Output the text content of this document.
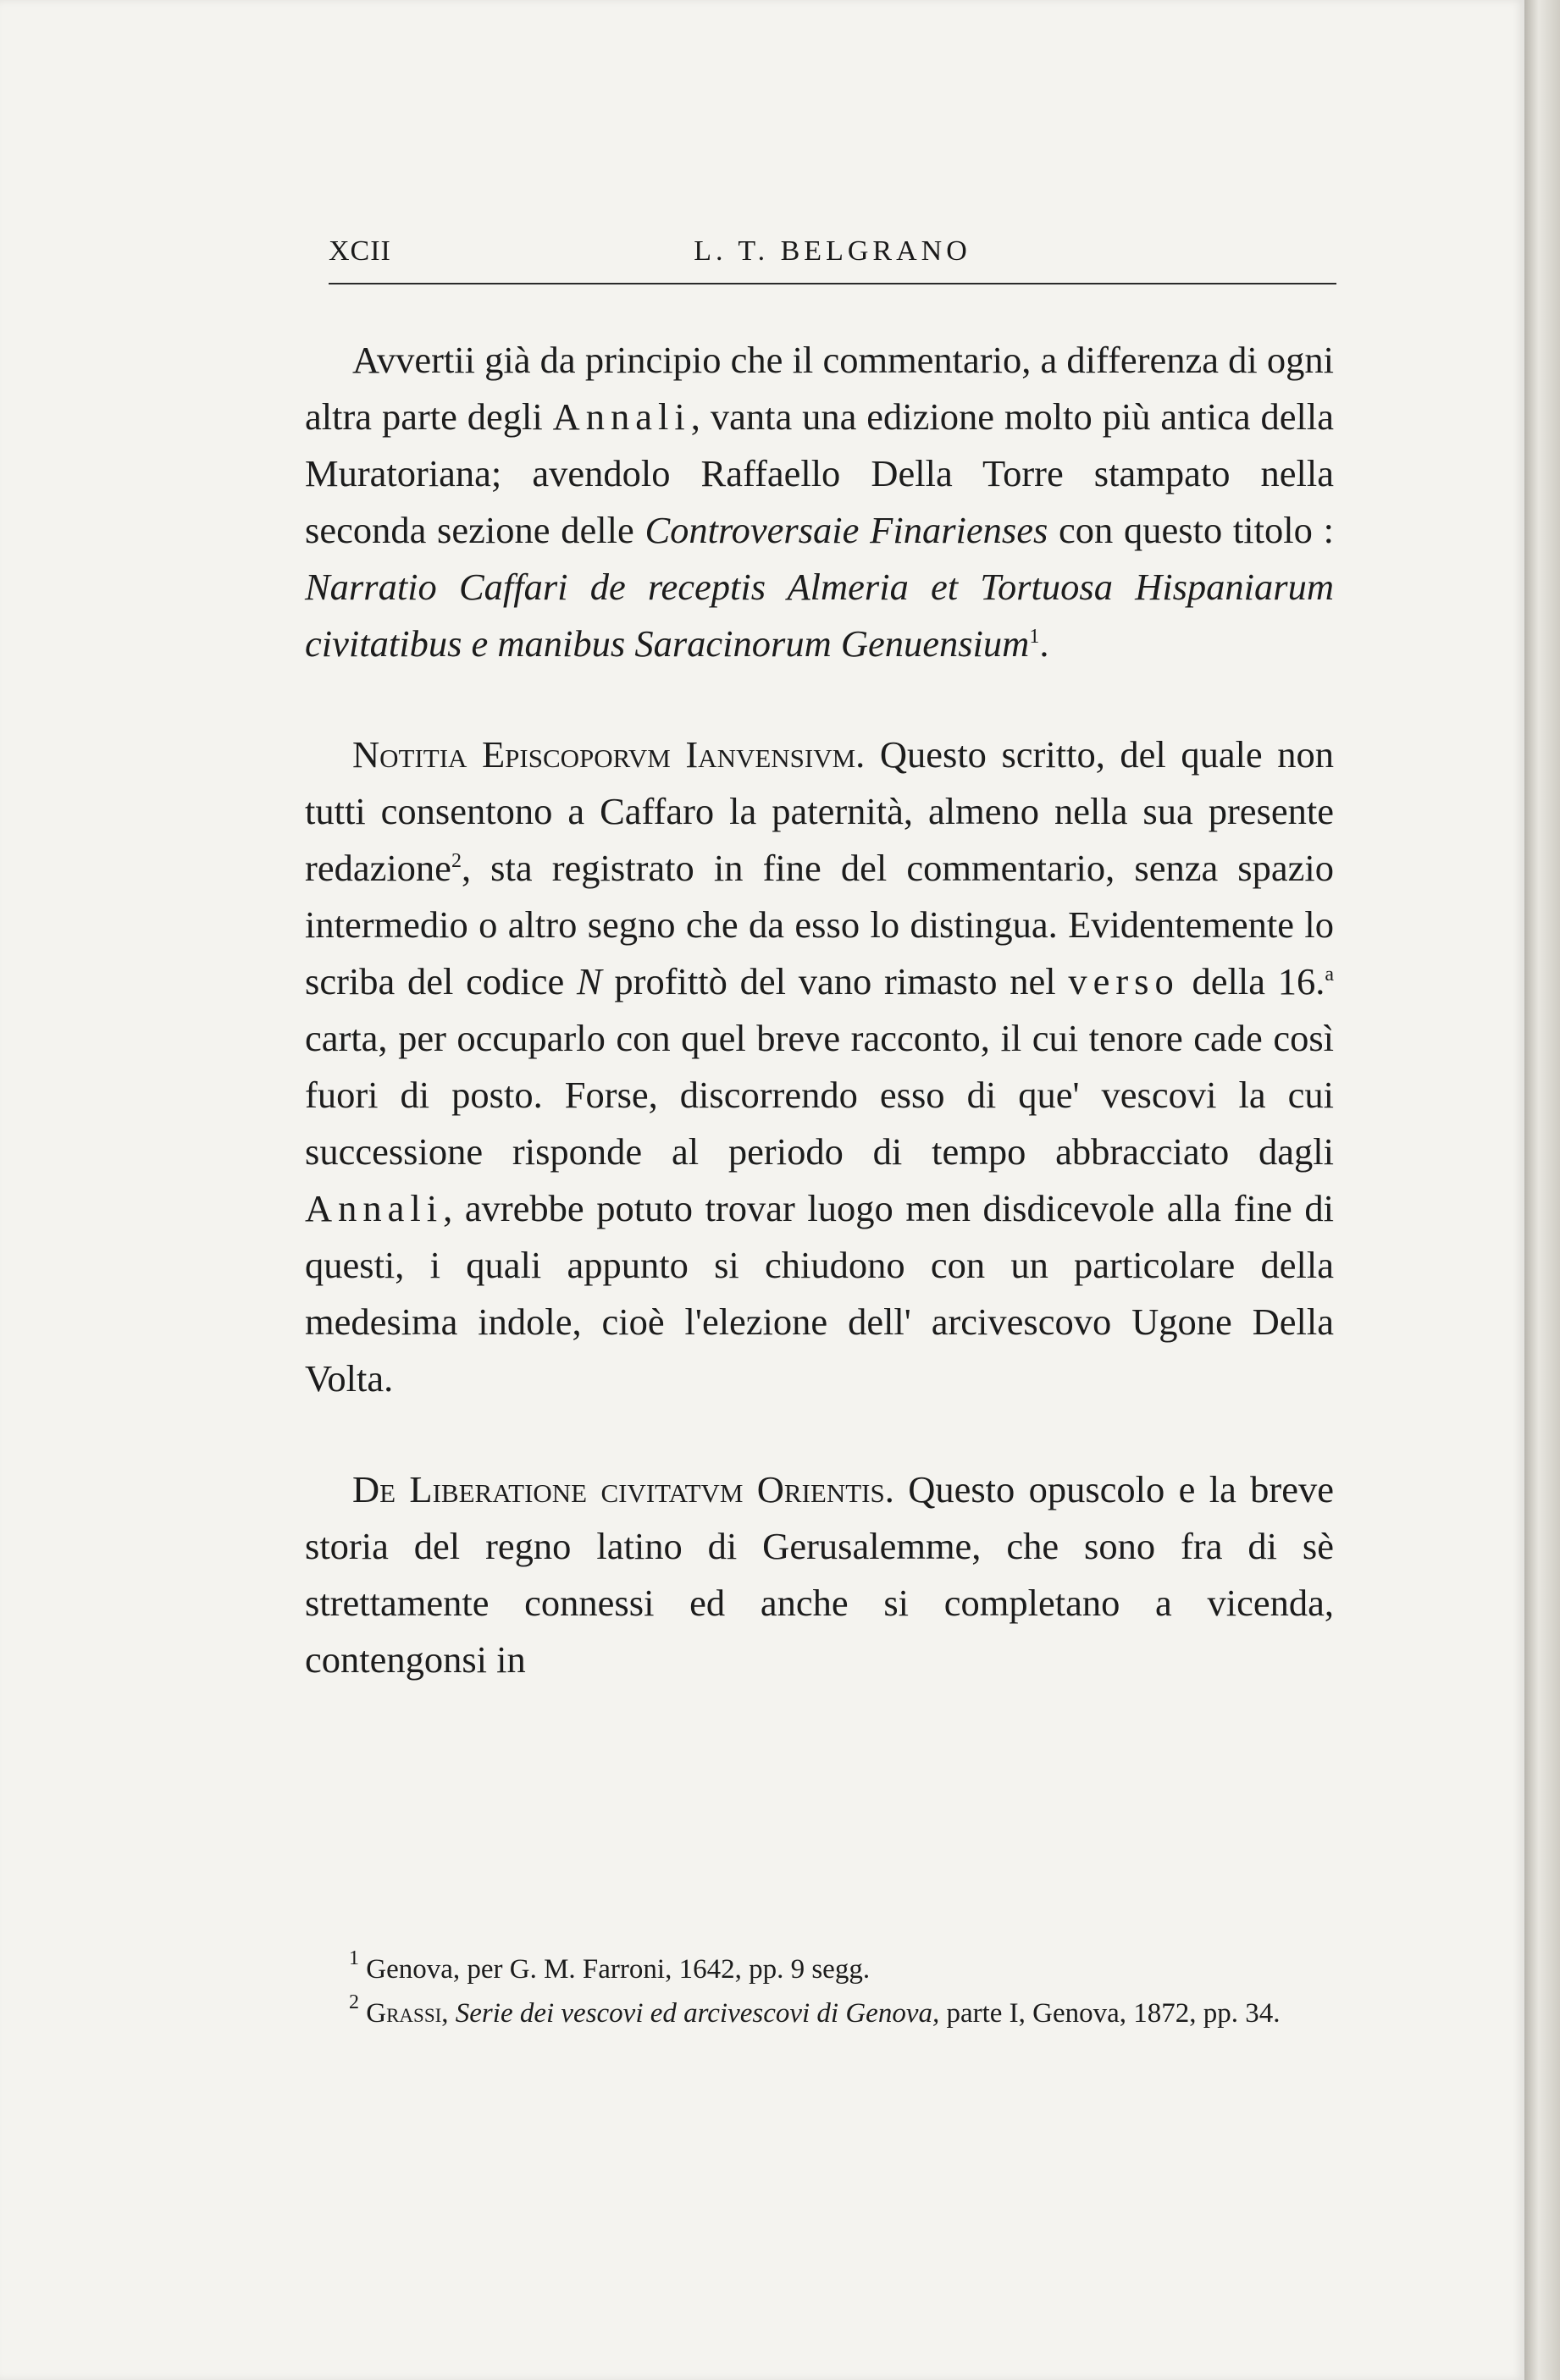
XCII	L. T. BELGRANO

Avvertii già da principio che il commentario, a differenza di ogni altra parte degli Annali, vanta una edizione molto più antica della Muratoriana; avendolo Raffaello Della Torre stampato nella seconda sezione delle Controversaie Finarienses con questo titolo : Narratio Caffari de receptis Almeria et Tortuosa Hispaniarum civitatibus e manibus Saracinorum Genuensium$^1$.

Notitia Episcoporvm Ianvensivm. Questo scritto, del quale non tutti consentono a Caffaro la paternità, almeno nella sua presente redazione$^2$, sta registrato in fine del commentario, senza spazio intermedio o altro segno che da esso lo distingua. Evidentemente lo scriba del codice N profittò del vano rimasto nel verso della 16.$^a$ carta, per occuparlo con quel breve racconto, il cui tenore cade così fuori di posto. Forse, discorrendo esso di que' vescovi la cui successione risponde al periodo di tempo abbracciato dagli Annali, avrebbe potuto trovar luogo men disdicevole alla fine di questi, i quali appunto si chiudono con un particolare della medesima indole, cioè l'elezione dell' arcivescovo Ugone Della Volta.

De Liberatione civitatvm Orientis. Questo opuscolo e la breve storia del regno latino di Gerusalemme, che sono fra di sè strettamente connessi ed anche si completano a vicenda, contengonsi in

$^1$ Genova, per G. M. Farroni, 1642, pp. 9 segg.

$^2$ Grassi, Serie dei vescovi ed arcivescovi di Genova, parte I, Genova, 1872, pp. 34.
